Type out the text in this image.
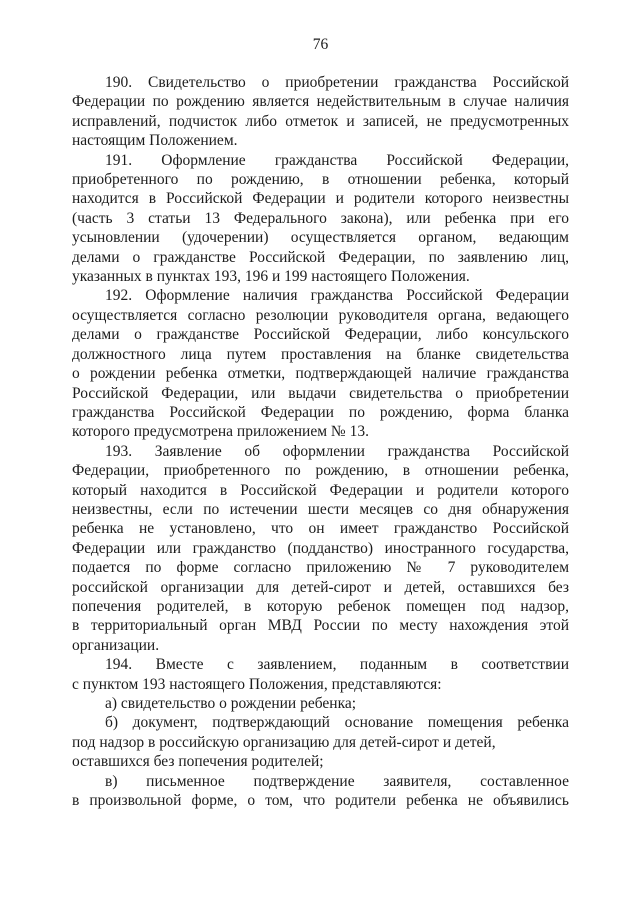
76

190. Свидетельство о приобретении гражданства Российской
Федерации по рождению является недействительным в случае наличия
исправлений, подчисток либо отметок и записей, не предусмотренных
настоящим Положением.

191. Оформление гражданства Российской Федерации,
приобретенного по рождению, в отношении ребенка, который
находится в Российской Федерации и родители которого неизвестны
(часть 3 статьи 13 Федерального закона), или ребенка при его
усыновлении (удочерении) осуществляется органом, ведающим
делами о гражданстве Российской Федерации, по заявлению лиц,
указанных в пунктах 193, 196 и 199 настоящего Положения.

192. Оформление наличия гражданства Российской Федерации
осуществляется согласно резолюции руководителя органа, ведающего
делами о гражданстве Российской Федерации, либо консульского
должностного лица путем проставления на бланке свидетельства
о рождении ребенка отметки, подтверждающей наличие гражданства
Российской Федерации, или выдачи свидетельства о приобретении
гражданства Российской Федерации по рождению, форма бланка
которого предусмотрена приложением № 13.

193. Заявление об оформлении гражданства Российской
Федерации, приобретенного по рождению, в отношении ребенка,
который находится в Российской Федерации и родители которого
неизвестны, если по истечении шести месяцев со дня обнаружения
ребенка не установлено, что он имеет гражданство Российской
Федерации или гражданство (подданство) иностранного государства,
подается по форме согласно приложению № 7 руководителем
российской организации для детей-сирот и детей, оставшихся без
попечения родителей, в которую ребенок помещен под надзор,
в территориальный орган МВД России по месту нахождения этой
организации.

194. Вместе с заявлением, поданным в соответствии
с пунктом 193 настоящего Положения, представляются:

а) свидетельство о рождении ребенка;

б) документ, подтверждающий основание помещения ребенка
под надзор в российскую организацию для детей-сирот и детей,
оставшихся без попечения родителей;

в) письменное подтверждение заявителя, составленное
в произвольной форме, о том, что родители ребенка не объявились
